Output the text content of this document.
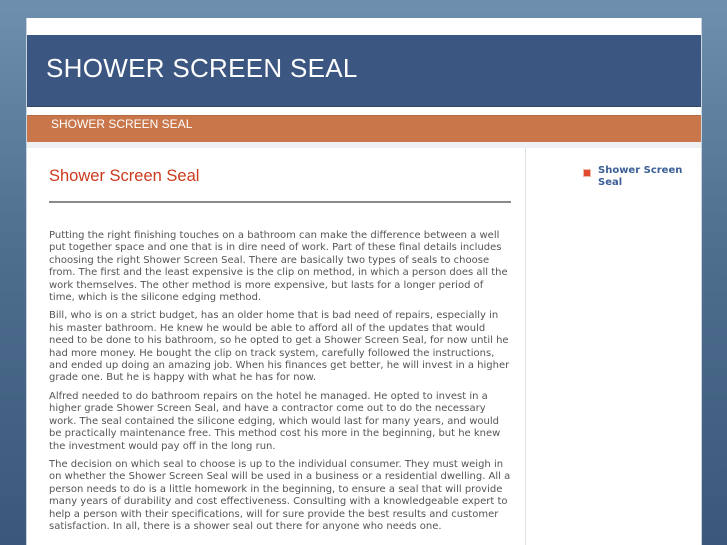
SHOWER SCREEN SEAL
SHOWER SCREEN SEAL
Shower Screen Seal

Putting the right finishing touches on a bathroom can make the difference between a well put together space and one that is in dire need of work. Part of these final details includes choosing the right Shower Screen Seal. There are basically two types of seals to choose from. The first and the least expensive is the clip on method, in which a person does all the work themselves. The other method is more expensive, but lasts for a longer period of time, which is the silicone edging method.

Bill, who is on a strict budget, has an older home that is bad need of repairs, especially in his master bathroom. He knew he would be able to afford all of the updates that would need to be done to his bathroom, so he opted to get a Shower Screen Seal, for now until he had more money. He bought the clip on track system, carefully followed the instructions, and ended up doing an amazing job. When his finances get better, he will invest in a higher grade one. But he is happy with what he has for now.

Alfred needed to do bathroom repairs on the hotel he managed. He opted to invest in a higher grade Shower Screen Seal, and have a contractor come out to do the necessary work. The seal contained the silicone edging, which would last for many years, and would be practically maintenance free. This method cost his more in the beginning, but he knew the investment would pay off in the long run.

The decision on which seal to choose is up to the individual consumer. They must weigh in on whether the Shower Screen Seal will be used in a business or a residential dwelling. All a person needs to do is a little homework in the beginning, to ensure a seal that will provide many years of durability and cost effectiveness. Consulting with a knowledgeable expert to help a person with their specifications, will for sure provide the best results and customer satisfaction. In all, there is a shower seal out there for anyone who needs one.

Shower Screen Seal
